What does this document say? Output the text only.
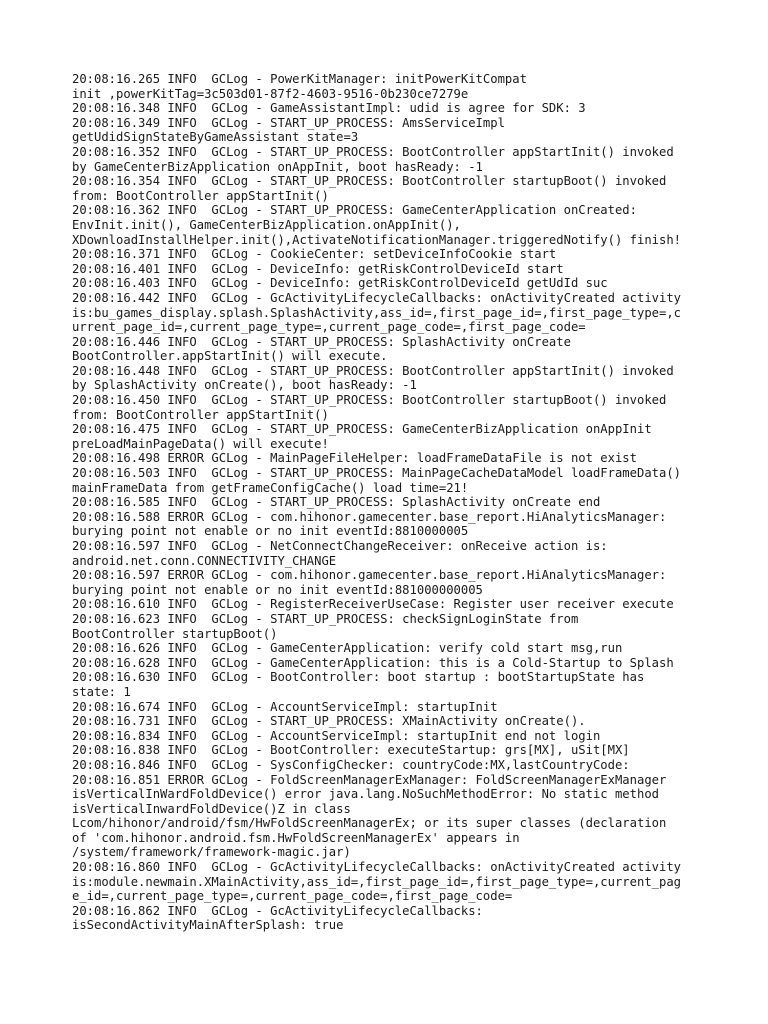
20:08:16.265 INFO  GCLog - PowerKitManager: initPowerKitCompat

init ,powerKitTag=3c503d01-87f2-4603-9516-0b230ce7279e

20:08:16.348 INFO  GCLog - GameAssistantImpl: udid is agree for SDK: 3

20:08:16.349 INFO  GCLog - START_UP_PROCESS: AmsServiceImpl

getUdidSignStateByGameAssistant state=3

20:08:16.352 INFO  GCLog - START_UP_PROCESS: BootController appStartInit() invoked

by GameCenterBizApplication onAppInit, boot hasReady: -1

20:08:16.354 INFO  GCLog - START_UP_PROCESS: BootController startupBoot() invoked

from: BootController appStartInit()

20:08:16.362 INFO  GCLog - START_UP_PROCESS: GameCenterApplication onCreated:

EnvInit.init(), GameCenterBizApplication.onAppInit(),

XDownloadInstallHelper.init(),ActivateNotificationManager.triggeredNotify() finish!

20:08:16.371 INFO  GCLog - CookieCenter: setDeviceInfoCookie start

20:08:16.401 INFO  GCLog - DeviceInfo: getRiskControlDeviceId start

20:08:16.403 INFO  GCLog - DeviceInfo: getRiskControlDeviceId getUdId suc

20:08:16.442 INFO  GCLog - GcActivityLifecycleCallbacks: onActivityCreated activity

is:bu_games_display.splash.SplashActivity,ass_id=,first_page_id=,first_page_type=,c

urrent_page_id=,current_page_type=,current_page_code=,first_page_code=

20:08:16.446 INFO  GCLog - START_UP_PROCESS: SplashActivity onCreate

BootController.appStartInit() will execute.

20:08:16.448 INFO  GCLog - START_UP_PROCESS: BootController appStartInit() invoked

by SplashActivity onCreate(), boot hasReady: -1

20:08:16.450 INFO  GCLog - START_UP_PROCESS: BootController startupBoot() invoked

from: BootController appStartInit()

20:08:16.475 INFO  GCLog - START_UP_PROCESS: GameCenterBizApplication onAppInit

preLoadMainPageData() will execute!

20:08:16.498 ERROR GCLog - MainPageFileHelper: loadFrameDataFile is not exist

20:08:16.503 INFO  GCLog - START_UP_PROCESS: MainPageCacheDataModel loadFrameData()

mainFrameData from getFrameConfigCache() load time=21!

20:08:16.585 INFO  GCLog - START_UP_PROCESS: SplashActivity onCreate end

20:08:16.588 ERROR GCLog - com.hihonor.gamecenter.base_report.HiAnalyticsManager:

burying point not enable or no init eventId:8810000005

20:08:16.597 INFO  GCLog - NetConnectChangeReceiver: onReceive action is:

android.net.conn.CONNECTIVITY_CHANGE

20:08:16.597 ERROR GCLog - com.hihonor.gamecenter.base_report.HiAnalyticsManager:

burying point not enable or no init eventId:881000000005

20:08:16.610 INFO  GCLog - RegisterReceiverUseCase: Register user receiver execute

20:08:16.623 INFO  GCLog - START_UP_PROCESS: checkSignLoginState from

BootController startupBoot()

20:08:16.626 INFO  GCLog - GameCenterApplication: verify cold start msg,run

20:08:16.628 INFO  GCLog - GameCenterApplication: this is a Cold-Startup to Splash

20:08:16.630 INFO  GCLog - BootController: boot startup : bootStartupState has

state: 1

20:08:16.674 INFO  GCLog - AccountServiceImpl: startupInit

20:08:16.731 INFO  GCLog - START_UP_PROCESS: XMainActivity onCreate().

20:08:16.834 INFO  GCLog - AccountServiceImpl: startupInit end not login

20:08:16.838 INFO  GCLog - BootController: executeStartup: grs[MX], uSit[MX]

20:08:16.846 INFO  GCLog - SysConfigChecker: countryCode:MX,lastCountryCode:

20:08:16.851 ERROR GCLog - FoldScreenManagerExManager: FoldScreenManagerExManager

isVerticalInWardFoldDevice() error java.lang.NoSuchMethodError: No static method

isVerticalInwardFoldDevice()Z in class

Lcom/hihonor/android/fsm/HwFoldScreenManagerEx; or its super classes (declaration

of 'com.hihonor.android.fsm.HwFoldScreenManagerEx' appears in

/system/framework/framework-magic.jar)

20:08:16.860 INFO  GCLog - GcActivityLifecycleCallbacks: onActivityCreated activity

is:module.newmain.XMainActivity,ass_id=,first_page_id=,first_page_type=,current_pag

e_id=,current_page_type=,current_page_code=,first_page_code=

20:08:16.862 INFO  GCLog - GcActivityLifecycleCallbacks:

isSecondActivityMainAfterSplash: true
